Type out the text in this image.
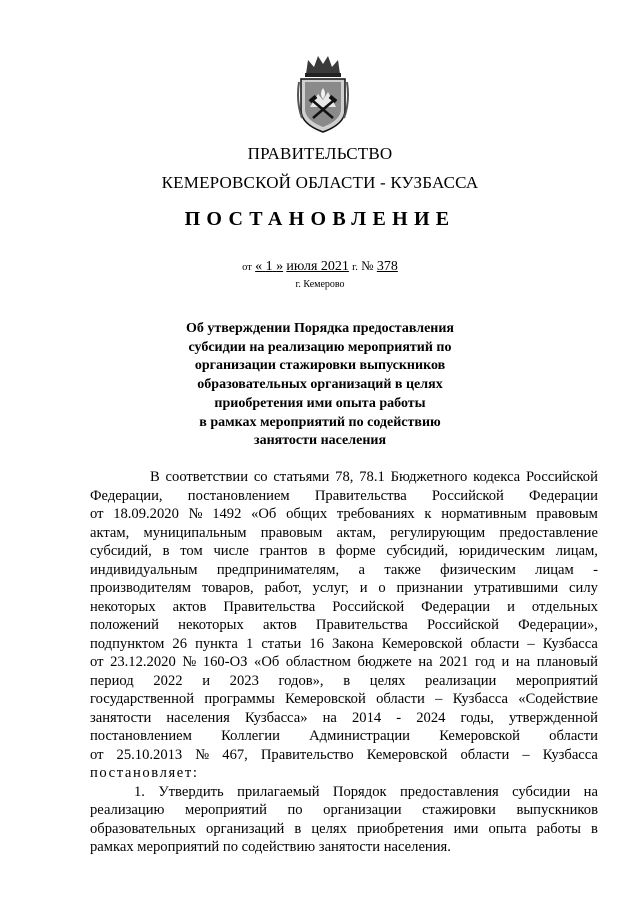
ПРАВИТЕЛЬСТВО
КЕМЕРОВСКОЙ ОБЛАСТИ - КУЗБАССА
ПОСТАНОВЛЕНИЕ
от « 1 » июля 2021 г. № 378
г. Кемерово
Об утверждении Порядка предоставления
субсидии на реализацию мероприятий по
организации стажировки выпускников
образовательных организаций в целях
приобретения ими опыта работы
в рамках мероприятий по содействию
занятости населения
В соответствии со статьями 78, 78.1 Бюджетного кодекса Российской
Федерации, постановлением Правительства Российской Федерации
от 18.09.2020 № 1492 «Об общих требованиях к нормативным правовым
актам, муниципальным правовым актам, регулирующим предоставление
субсидий, в том числе грантов в форме субсидий, юридическим лицам,
индивидуальным предпринимателям, а также физическим лицам -
производителям товаров, работ, услуг, и о признании утратившими силу
некоторых актов Правительства Российской Федерации и отдельных
положений некоторых актов Правительства Российской Федерации»,
подпунктом 26 пункта 1 статьи 16 Закона Кемеровской области – Кузбасса
от 23.12.2020 № 160-ОЗ «Об областном бюджете на 2021 год и на плановый
период 2022 и 2023 годов», в целях реализации мероприятий
государственной программы Кемеровской области – Кузбасса «Содействие
занятости населения Кузбасса» на 2014 - 2024 годы, утвержденной
постановлением Коллегии Администрации Кемеровской области
от 25.10.2013 № 467, Правительство Кемеровской области – Кузбасса
постановляет:
1. Утвердить прилагаемый Порядок предоставления субсидии на
реализацию мероприятий по организации стажировки выпускников
образовательных организаций в целях приобретения ими опыта работы в
рамках мероприятий по содействию занятости населения.
